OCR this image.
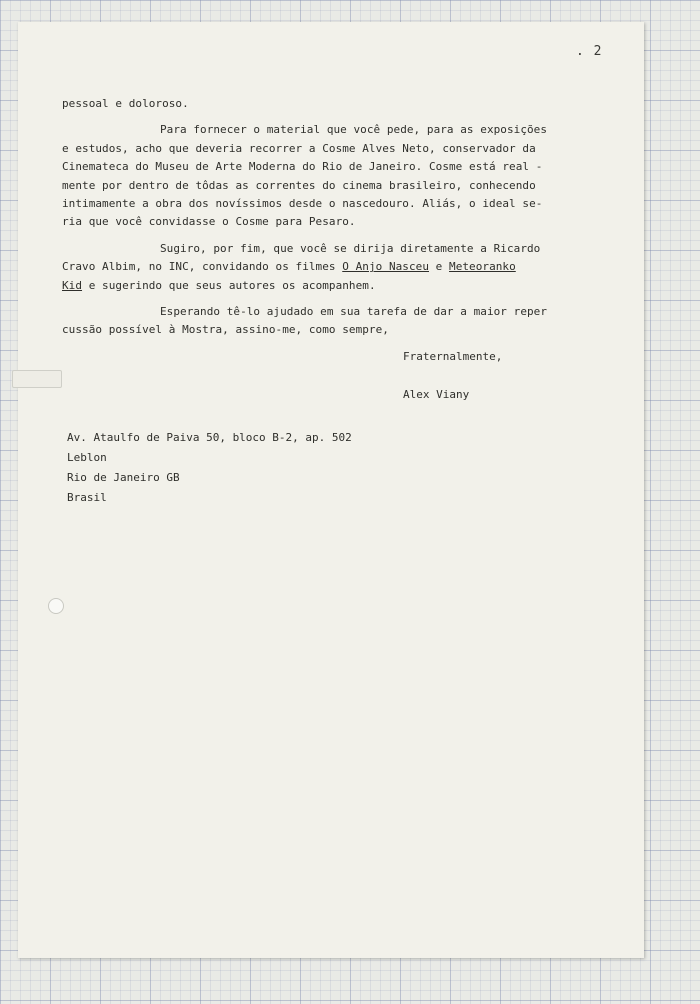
. 2
pessoal e doloroso.
Para fornecer o material que você pede, para as exposições
e estudos, acho que deveria recorrer a Cosme Alves Neto, conservador da
Cinemateca do Museu de Arte Moderna do Rio de Janeiro. Cosme está real -
mente por dentro de tôdas as correntes do cinema brasileiro, conhecendo
intimamente a obra dos novíssimos desde o nascedouro. Aliás, o ideal se-
ria que você convidasse o Cosme para Pesaro.
Sugiro, por fim, que você se dirija diretamente a Ricardo
Cravo Albim, no INC, convidando os filmes O Anjo Nasceu e Meteoranko
Kid e sugerindo que seus autores os acompanhem.
Esperando tê-lo ajudado em sua tarefa de dar a maior reper
cussão possível à Mostra, assino-me, como sempre,
Fraternalmente,
Alex Viany
Av. Ataulfo de Paiva 50, bloco B-2, ap. 502
Leblon
Rio de Janeiro GB
Brasil
